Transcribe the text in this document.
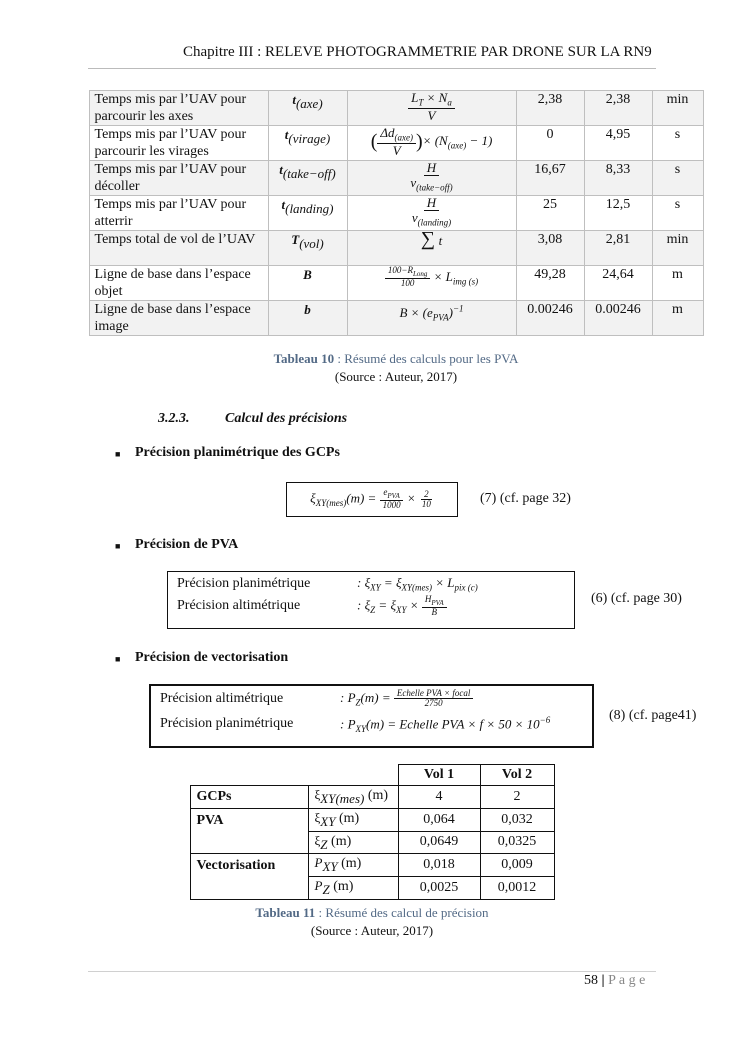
Chapitre III : RELEVE PHOTOGRAMMETRIE PAR DRONE SUR LA RN9
Temps mis par l’UAV pour parcourir les axes	$t_{(axe)}$	$\frac{L_T \times N_a}{V}$	2,38	2,38	min
Temps mis par l’UAV pour parcourir les virages	$t_{(virage)}$	( $\frac{\Delta d_{(axe)}}{V}$ )× $(N_{(axe)} - 1)$	0	4,95	s
Temps mis par l’UAV pour décoller	$t_{(take-off)}$	$\frac{H}{v_{(take-off)}}$	16,67	8,33	s
Temps mis par l’UAV pour atterrir	$t_{(landing)}$	$\frac{H}{v_{(landing)}}$	25	12,5	s
Temps total de vol de l’UAV	$T_{(vol)}$	∑ t	3,08	2,81	min
Ligne de base dans l’espace objet	B	$\frac{100-R_{Long}}{100} \times L_{img (s)}$	49,28	24,64	m
Ligne de base dans l’espace image	b	$B \times (e_{PVA})^{-1}$	0.00246	0.00246	m
Tableau 10 : Résumé des calculs pour les PVA
(Source : Auteur, 2017)
3.2.3.	Calcul des précisions
■ Précision planimétrique des GCPs
$\xi_{XY(mes)}(m) = \frac{e_{PVA}}{1000} \times \frac{2}{10}$	(7) (cf. page 32)
■ Précision de PVA
Précision planimétrique	: $\xi_{XY} = \xi_{XY(mes)} \times L_{pix (c)}$
Précision altimétrique	: $\xi_Z = \xi_{XY} \times \frac{H_{PVA}}{B}$	(6) (cf. page 30)
■ Précision de vectorisation
Précision altimétrique	: $P_Z(m) = \frac{\text{Echelle PVA × focal}}{2750}$
Précision planimétrique	: $P_{XY}(m)$ = Echelle PVA × $f \times 50 \times 10^{-6}$	(8) (cf. page41)
		Vol 1	Vol 2
GCPs	$\xi_{XY(mes)}$ (m)	4	2
PVA	$\xi_{XY}$ (m)	0,064	0,032
	$\xi_Z$ (m)	0,0649	0,0325
Vectorisation	$P_{XY}$ (m)	0,018	0,009
	$P_Z$ (m)	0,0025	0,0012
Tableau 11 : Résumé des calcul de précision
(Source : Auteur, 2017)
58 | P a g e
